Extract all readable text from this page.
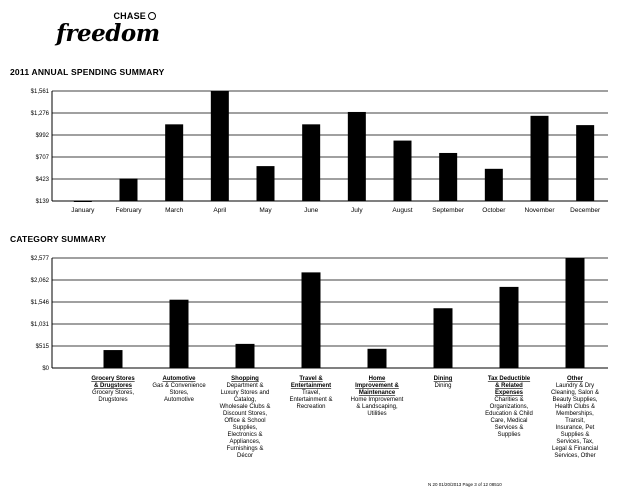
CHASE
freedom
2011 ANNUAL SPENDING SUMMARY
CATEGORY SUMMARY
$139
$423
$707
$992
$1,276
$1,561
January	February	March	April	May	June	July	August	September	October	November December
$0
$515
$1,031
$1,546
$2,062
$2,577
Grocery Stores
& Drugstores
Grocery Stores,
Drugstores
Automotive
Gas & Convenience
Stores,
Automotive
Shopping
Department &
Luxury Stores and
Catalog,
Wholesale Clubs &
Discount Stores,
Office & School
Supplies,
Electronics &
Appliances,
Furnishings &
Décor
Travel &
Entertainment
Travel,
Entertainment &
Recreation
Home
Improvement &
Maintenance
Home Improvement
& Landscaping,
Utilities
Dining
Dining
Tax Deductible
& Related
Expenses
Charities &
Organizations,
Education & Child
Care, Medical
Services &
Supplies
Other
Laundry & Dry
Cleaning, Salon &
Beauty Supplies,
Health Clubs &
Memberships,
Transit,
Insurance, Pet
Supplies &
Services, Tax,
Legal & Financial
Services, Other
N 20 01/20/2013 Page 3 of 12 08510
